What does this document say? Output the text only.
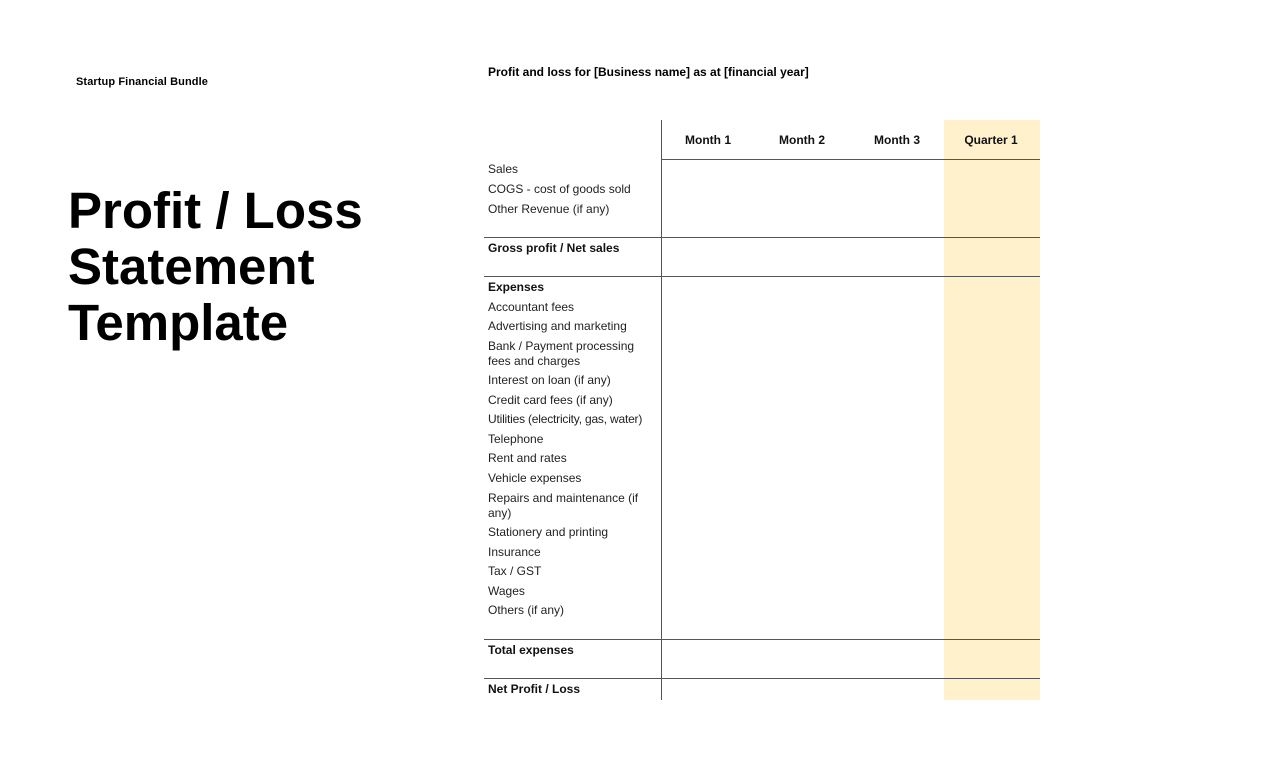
Startup Financial Bundle
Profit / Loss
Statement
Template
Profit and loss for [Business name] as at [financial year]
Month 1	Month 2	Month 3	Quarter 1
Sales
COGS - cost of goods sold
Other Revenue (if any)
Gross profit / Net sales
Expenses
Accountant fees
Advertising and marketing
Bank / Payment processing fees and charges
Interest on loan (if any)
Credit card fees (if any)
Utilities (electricity, gas, water)
Telephone
Rent and rates
Vehicle expenses
Repairs and maintenance (if any)
Stationery and printing
Insurance
Tax / GST
Wages
Others (if any)
Total expenses
Net Profit / Loss
